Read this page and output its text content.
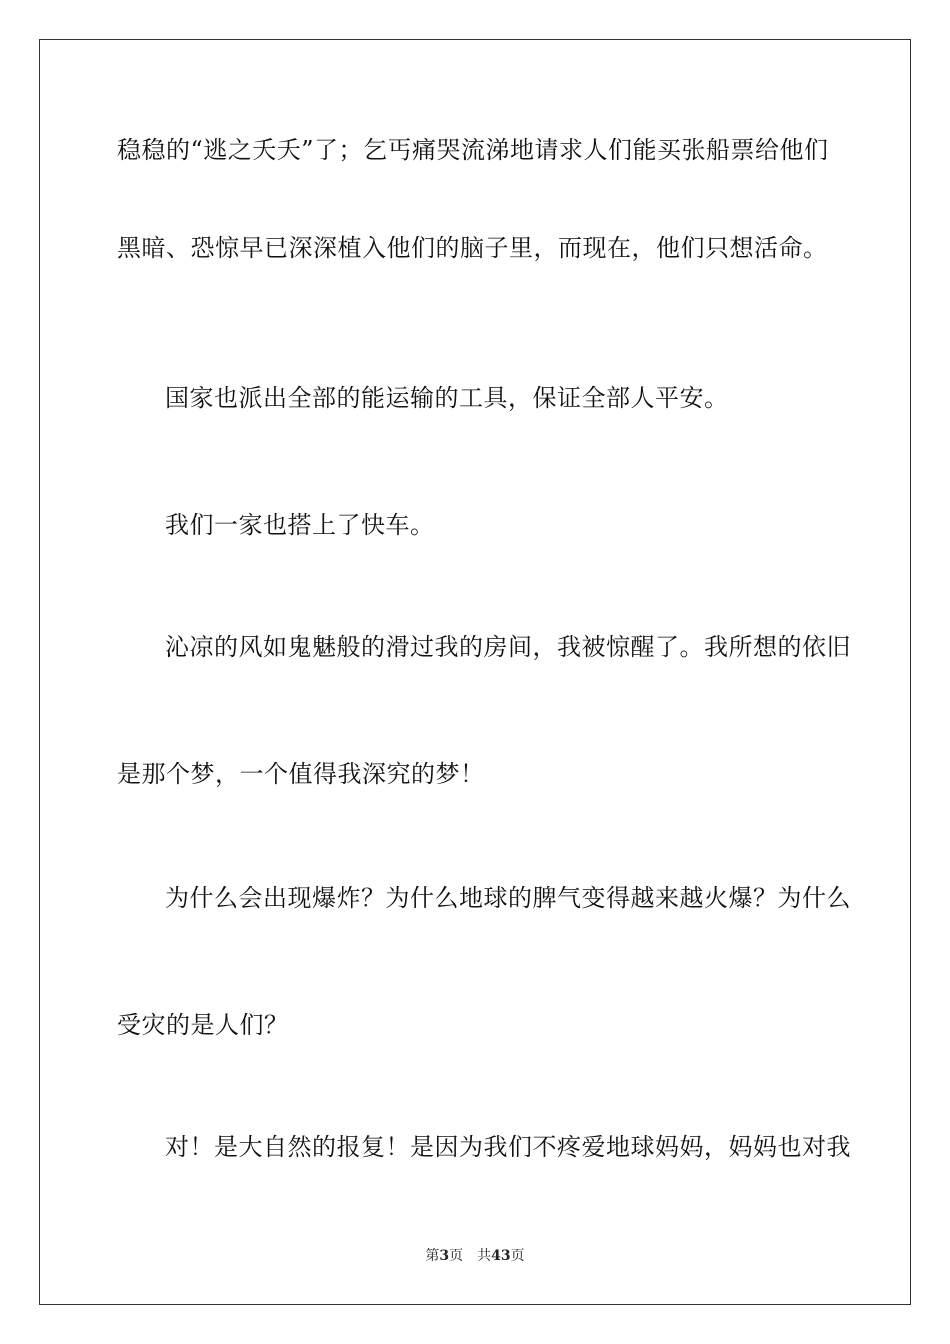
稳稳的“逃之夭夭”了；乞丐痛哭流涕地请求人们能买张船票给他们
黑暗、恐惊早已深深植入他们的脑子里，而现在，他们只想活命。
国家也派出全部的能运输的工具，保证全部人平安。
我们一家也搭上了快车。
沁凉的风如鬼魅般的滑过我的房间，我被惊醒了。我所想的依旧
是那个梦，一个值得我深究的梦！
为什么会出现爆炸？为什么地球的脾气变得越来越火爆？为什么
受灾的是人们？
对！是大自然的报复！是因为我们不疼爱地球妈妈，妈妈也对我
第3页 共43页
